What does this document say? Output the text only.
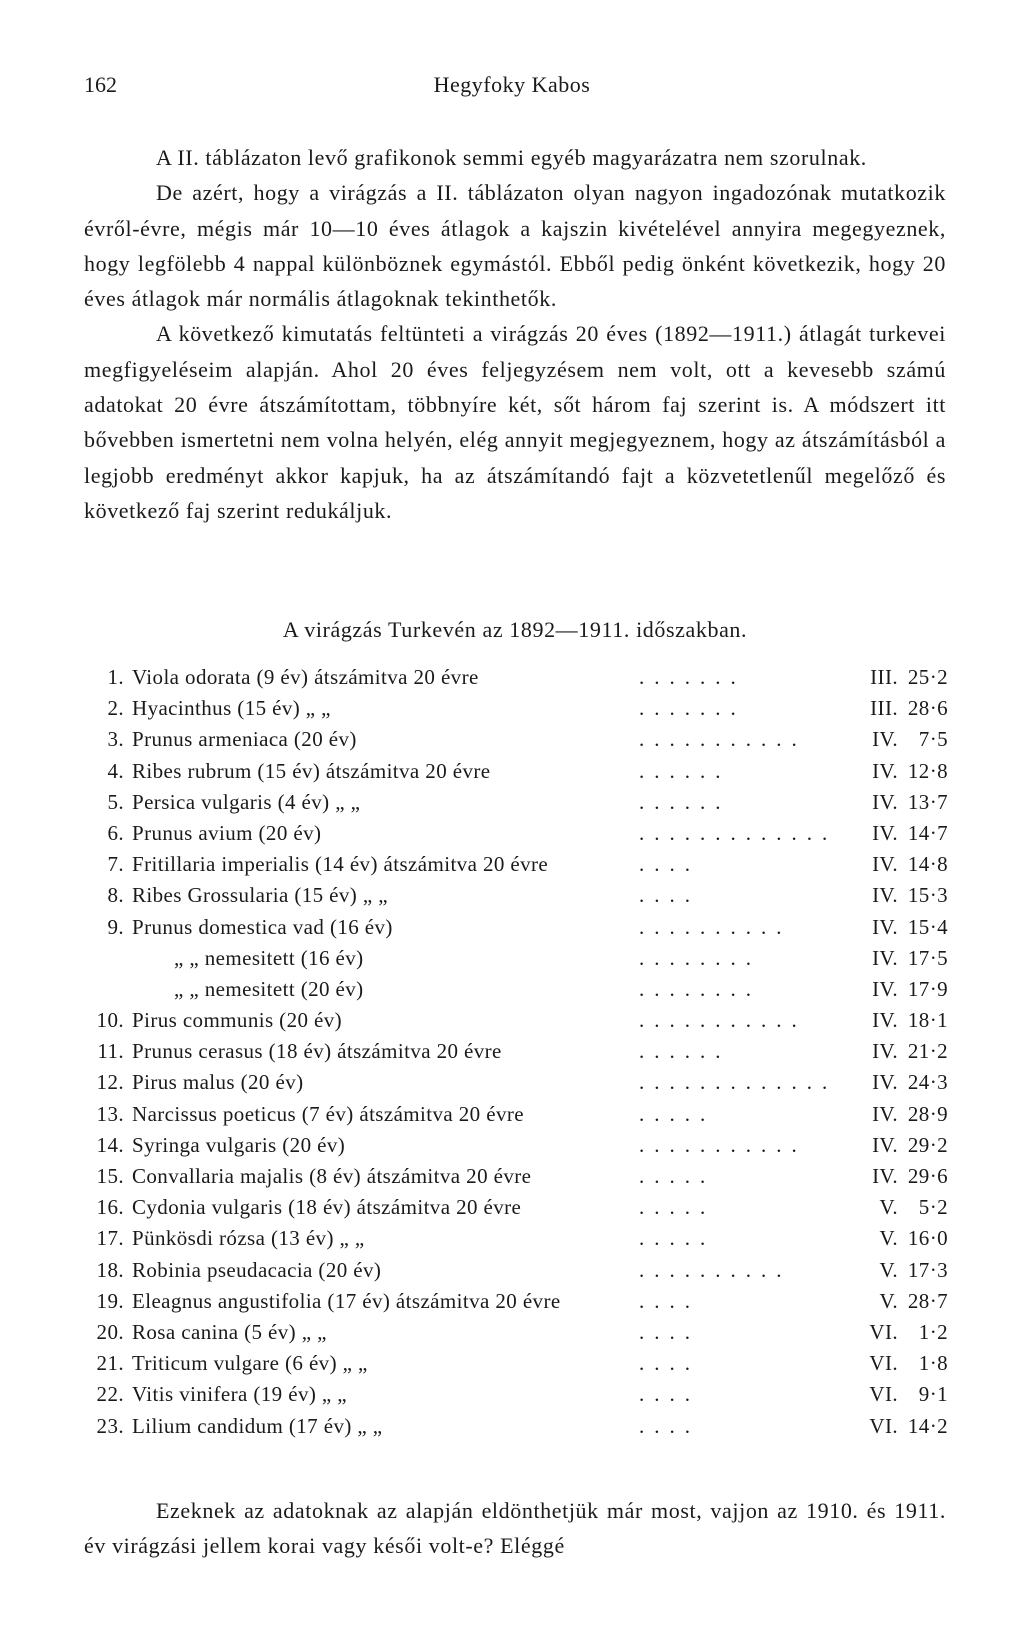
162	Hegyfoky Kabos

A II. táblázaton levő grafikonok semmi egyéb magyarázatra nem szorulnak.

De azért, hogy a virágzás a II. táblázaton olyan nagyon ingadozónak mutatkozik évről-évre, mégis már 10—10 éves átlagok a kajszin kivételével annyira megegyeznek, hogy legfölebb 4 nappal különböznek egymástól. Ebből pedig önként következik, hogy 20 éves átlagok már normális átlagoknak tekinthetők.

A következő kimutatás feltünteti a virágzás 20 éves (1892—1911.) átlagát turkevei megfigyeléseim alapján. Ahol 20 éves feljegyzésem nem volt, ott a kevesebb számú adatokat 20 évre átszámítottam, többnyíre két, sőt három faj szerint is. A módszert itt bővebben ismertetni nem volna helyén, elég annyit megjegyeznem, hogy az átszámításból a legjobb eredményt akkor kapjuk, ha az átszámítandó fajt a közvetetlenűl megelőző és következő faj szerint redukáljuk.

A virágzás Turkevén az 1892—1911. időszakban.
1. Viola odorata (9 év) átszámitva 20 évre	.......	III. 25·2
2. Hyacinthus (15 év) „ „	.......	III. 28·6
3. Prunus armeniaca (20 év)	...........	IV. 7·5
4. Ribes rubrum (15 év) átszámitva 20 évre	......	IV. 12·8
5. Persica vulgaris (4 év) „ „	......	IV. 13·7
6. Prunus avium (20 év)	.............	IV. 14·7
7. Fritillaria imperialis (14 év) átszámitva 20 évre	....	IV. 14·8
8. Ribes Grossularia (15 év) „ „	....	IV. 15·3
9. Prunus domestica vad (16 év)	..........	IV. 15·4
„ „ nemesitett (16 év)	........	IV. 17·5
„ „ nemesitett (20 év)	........	IV. 17·9
10. Pirus communis (20 év)	...........	IV. 18·1
11. Prunus cerasus (18 év) átszámitva 20 évre	......	IV. 21·2
12. Pirus malus (20 év)	.............	IV. 24·3
13. Narcissus poeticus (7 év) átszámitva 20 évre	.....	IV. 28·9
14. Syringa vulgaris (20 év)	...........	IV. 29·2
15. Convallaria majalis (8 év) átszámitva 20 évre	.....	IV. 29·6
16. Cydonia vulgaris (18 év) átszámitva 20 évre	.....	V. 5·2
17. Pünkösdi rózsa (13 év) „ „	.....	V. 16·0
18. Robinia pseudacacia (20 év)	..........	V. 17·3
19. Eleagnus angustifolia (17 év) átszámitva 20 évre	....	V. 28·7
20. Rosa canina (5 év) „ „	....	VI. 1·2
21. Triticum vulgare (6 év) „ „	....	VI. 1·8
22. Vitis vinifera (19 év) „ „	....	VI. 9·1
23. Lilium candidum (17 év) „ „	....	VI. 14·2

Ezeknek az adatoknak az alapján eldönthetjük már most, vajjon az 1910. és 1911. év virágzási jellem korai vagy késői volt-e? Eléggé
